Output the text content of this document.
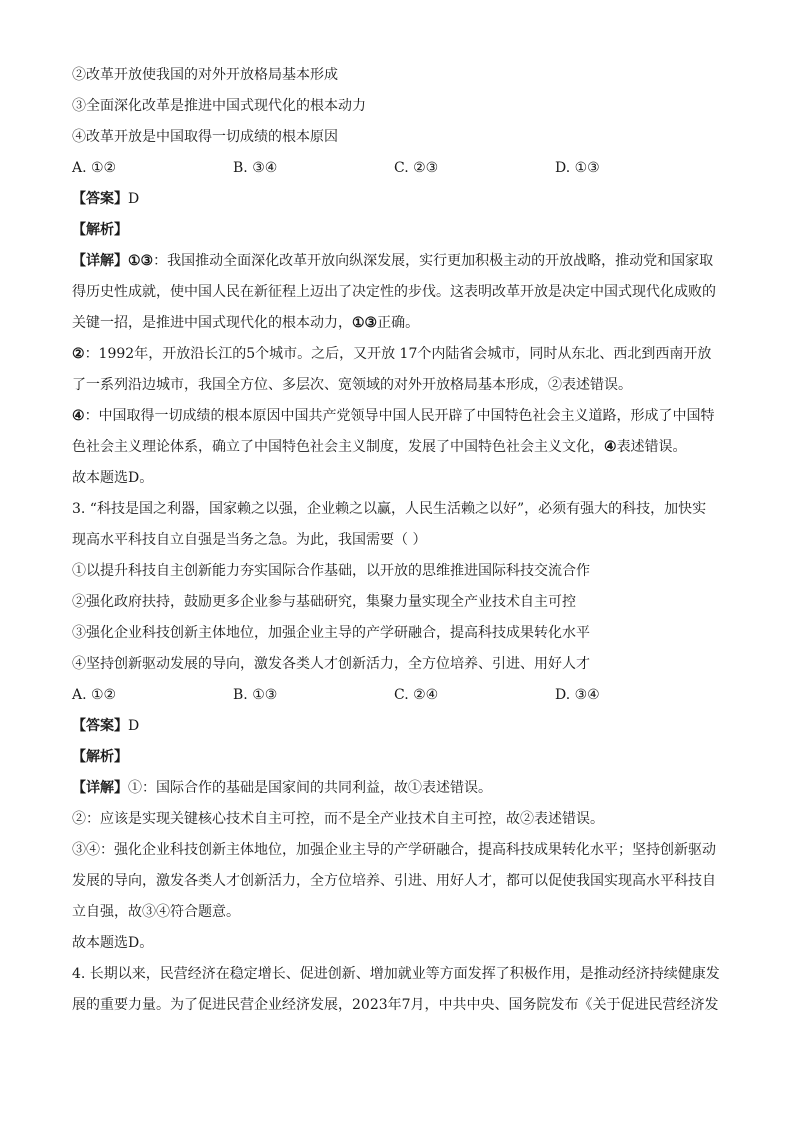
②改革开放使我国的对外开放格局基本形成
③全面深化改革是推进中国式现代化的根本动力
④改革开放是中国取得一切成绩的根本原因
A. ①②	B. ③④	C. ②③	D. ①③
【答案】D
【解析】
【详解】①③：我国推动全面深化改革开放向纵深发展，实行更加积极主动的开放战略，推动党和国家取
得历史性成就，使中国人民在新征程上迈出了决定性的步伐。这表明改革开放是决定中国式现代化成败的
关键一招，是推进中国式现代化的根本动力，①③正确。
②：1992年，开放沿长江的5个城市。之后，又开放 17个内陆省会城市，同时从东北、西北到西南开放
了一系列沿边城市，我国全方位、多层次、宽领域的对外开放格局基本形成，②表述错误。
④：中国取得一切成绩的根本原因中国共产党领导中国人民开辟了中国特色社会主义道路，形成了中国特
色社会主义理论体系，确立了中国特色社会主义制度，发展了中国特色社会主义文化，④表述错误。
故本题选D。
3. “科技是国之利器，国家赖之以强，企业赖之以赢，人民生活赖之以好”，必须有强大的科技，加快实
现高水平科技自立自强是当务之急。为此，我国需要（ ）
①以提升科技自主创新能力夯实国际合作基础，以开放的思维推进国际科技交流合作
②强化政府扶持，鼓励更多企业参与基础研究，集聚力量实现全产业技术自主可控
③强化企业科技创新主体地位，加强企业主导的产学研融合，提高科技成果转化水平
④坚持创新驱动发展的导向，激发各类人才创新活力，全方位培养、引进、用好人才
A. ①②	B. ①③	C. ②④	D. ③④
【答案】D
【解析】
【详解】①：国际合作的基础是国家间的共同利益，故①表述错误。
②：应该是实现关键核心技术自主可控，而不是全产业技术自主可控，故②表述错误。
③④：强化企业科技创新主体地位，加强企业主导的产学研融合，提高科技成果转化水平；坚持创新驱动
发展的导向，激发各类人才创新活力，全方位培养、引进、用好人才，都可以促使我国实现高水平科技自
立自强，故③④符合题意。
故本题选D。
4. 长期以来，民营经济在稳定增长、促进创新、增加就业等方面发挥了积极作用，是推动经济持续健康发
展的重要力量。为了促进民营企业经济发展，2023年7月，中共中央、国务院发布《关于促进民营经济发
